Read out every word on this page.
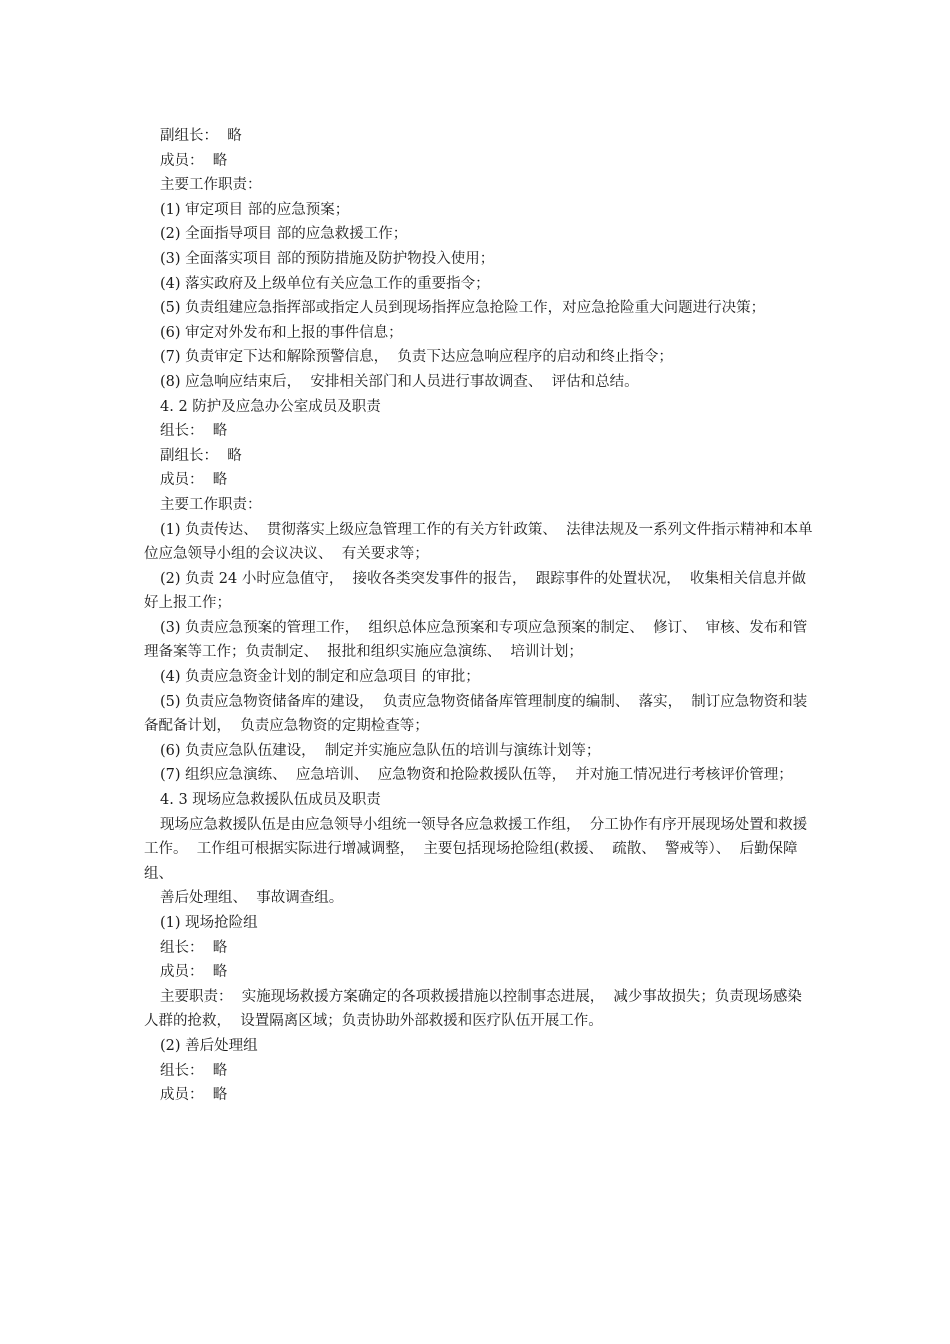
副组长：  略
成员：  略
主要工作职责：
(1) 审定项目 部的应急预案；
(2) 全面指导项目 部的应急救援工作；
(3) 全面落实项目 部的预防措施及防护物投入使用；
(4) 落实政府及上级单位有关应急工作的重要指令；
(5) 负责组建应急指挥部或指定人员到现场指挥应急抢险工作，对应急抢险重大问题进行决策；
(6) 审定对外发布和上报的事件信息；
(7) 负责审定下达和解除预警信息，  负责下达应急响应程序的启动和终止指令；
(8) 应急响应结束后，  安排相关部门和人员进行事故调查、  评估和总结。
4. 2 防护及应急办公室成员及职责
组长：  略
副组长：  略
成员：  略
主要工作职责：
(1) 负责传达、  贯彻落实上级应急管理工作的有关方针政策、  法律法规及一系列文件指示精神和本单位应急领导小组的会议决议、  有关要求等；
(2) 负责 24 小时应急值守，  接收各类突发事件的报告，  跟踪事件的处置状况，  收集相关信息并做好上报工作；
(3) 负责应急预案的管理工作，  组织总体应急预案和专项应急预案的制定、  修订、  审核、发布和管理备案等工作；负责制定、  报批和组织实施应急演练、  培训计划；
(4) 负责应急资金计划的制定和应急项目 的审批；
(5) 负责应急物资储备库的建设，  负责应急物资储备库管理制度的编制、  落实，  制订应急物资和装备配备计划，  负责应急物资的定期检查等；
(6) 负责应急队伍建设，  制定并实施应急队伍的培训与演练计划等；
(7) 组织应急演练、  应急培训、  应急物资和抢险救援队伍等，  并对施工情况进行考核评价管理；
4. 3 现场应急救援队伍成员及职责
现场应急救援队伍是由应急领导小组统一领导各应急救援工作组，  分工协作有序开展现场处置和救援工作。  工作组可根据实际进行增减调整，  主要包括现场抢险组(救援、  疏散、  警戒等）、  后勤保障组、
善后处理组、  事故调查组。
(1) 现场抢险组
组长：  略
成员：  略
主要职责：  实施现场救援方案确定的各项救援措施以控制事态进展，  减少事故损失；负责现场感染人群的抢救，  设置隔离区域；负责协助外部救援和医疗队伍开展工作。
(2) 善后处理组
组长：  略
成员：  略
